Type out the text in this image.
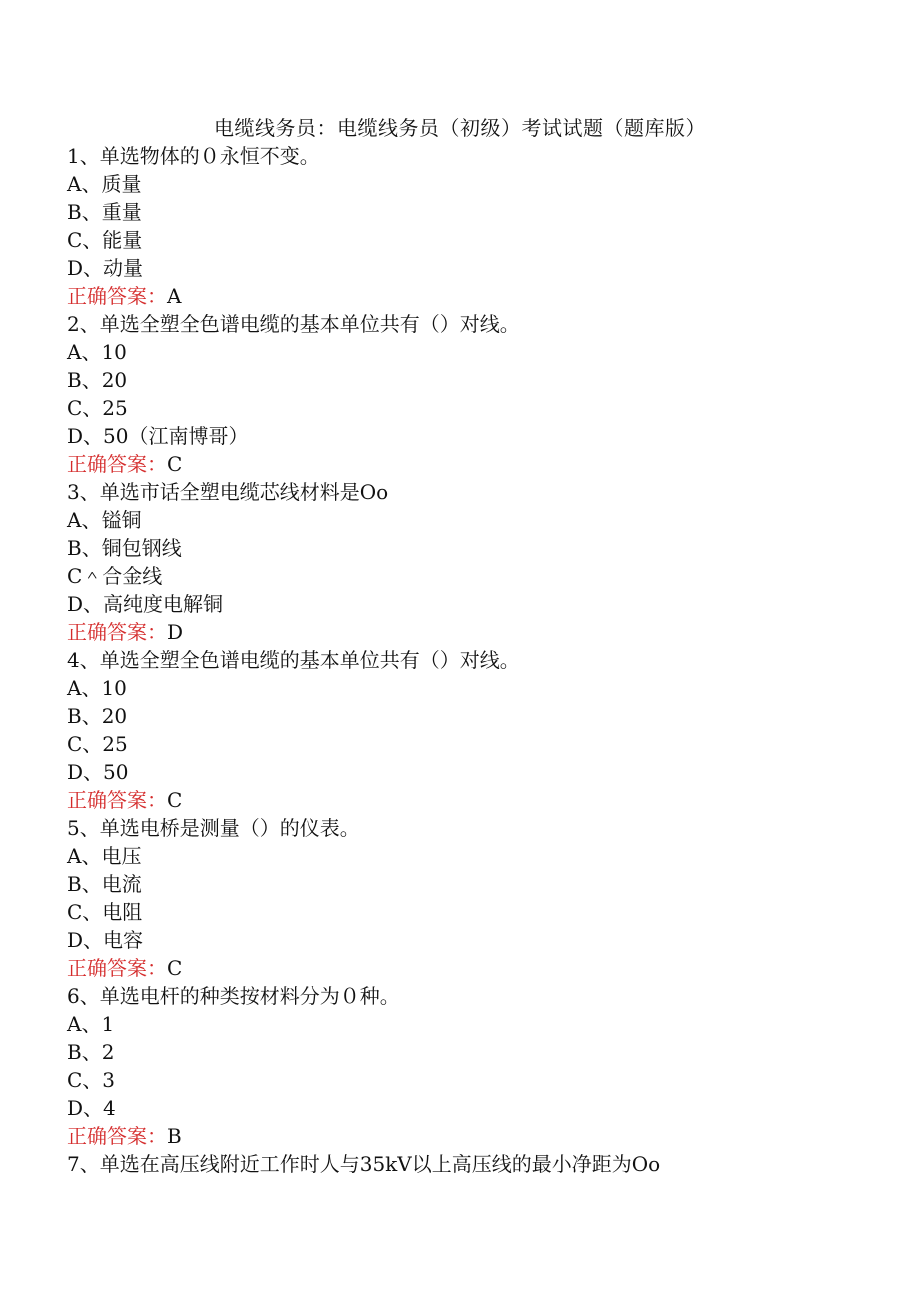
电缆线务员：电缆线务员（初级）考试试题（题库版）
1、单选物体的０永恒不变。
A、质量
B、重量
C、能量
D、动量
正确答案：A
2、单选全塑全色谱电缆的基本单位共有（）对线。
A、10
B、20
C、25
D、50（江南博哥）
正确答案：C
3、单选市话全塑电缆芯线材料是Oo
A、镒铜
B、铜包钢线
C＾合金线
D、高纯度电解铜
正确答案：D
4、单选全塑全色谱电缆的基本单位共有（）对线。
A、10
B、20
C、25
D、50
正确答案：C
5、单选电桥是测量（）的仪表。
A、电压
B、电流
C、电阻
D、电容
正确答案：C
6、单选电杆的种类按材料分为０种。
A、1
B、2
C、3
D、4
正确答案：B
7、单选在高压线附近工作时人与35kV以上高压线的最小净距为Oo
